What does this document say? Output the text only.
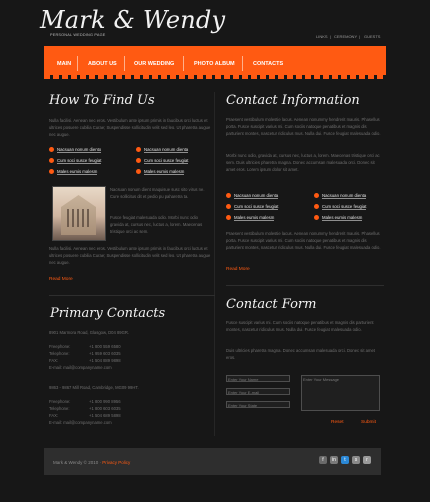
Mark & Wendy
PERSONAL WEDDING PAGE	LINKS | CEREMONY | GUESTS
MAIN	ABOUT US	OUR WEDDING	PHOTO ALBUM	CONTACTS
How To Find Us
Nulla facilisi. Aenean nec eros. Vestibulum ante ipsum primis in faucibus orci luctus et ultrices posuere cubilia Curae; Suspendisse sollicitudin velit sed leo. Ut pharetra augue nec augue.
Nacsuan nonum diento	Nacsuan nonum dienta
Cum soci susce feugiat	Cum soci susce feugiat
Males eumis malesm	Males eumis malesm
Nacsuan nonum dient maquisue susc sito virus ne. Cure sollicitus dit et pedio pu paharetra ta.
Fusce feugiat malesuada odio. Morbi nunc odio gravida at, cursus nec, luctus a, lorem. Maecenas tristique orci ac sem.
Nulla facilisi. Aenean nec eros. Vestibulum ante ipsum primis in faucibus orci luctus et ultrices posuere cubilia Curae; Suspendisse sollicitudin velit sed leo. Ut pharetra augue nec augue.
Read More
Primary Contacts
8901 Marmora Road, Glasgow, D04 89GR.
Freephone:	+1 800 559 6580
Telephone:	+1 959 603 6035
FAX:	+1 504 889 9898
E-mail: mail@companyname.com
9863 - 9867 Mill Road, Cambridge, MG09 99HT.
Freephone:	+1 800 990 8956
Telephone:	+1 800 603 6035
FAX:	+1 504 689 5898
E-mail: mail@companyname.com
Contact Information
Praesent vestibulum molestie lacus. Aenean nonummy hendrerit mauris. Phasellus porta. Fusce suscipit varius mi. Cum sociis natoque penatibus et magnis dis parturient montes, nascetur ridiculus mus. Nulla dui. Fusce feugiat malesuada odio.
Morbi nunc odio, gravida at, cursus nec, luctus a, lorem. Maecenas tristique orci ac sem. Duis ultricies pharetra magna. Donec accumsan malesuada orci. Donec sit amet eros. Lorem ipsum dolor sit amet.
Nacsuan nonum dienta	Nacsuan nonum dienta
Cum soci susce feugiat	Cum soci susce feugiat
Males eumis malesm	Males eumis malesm
Praesent vestibulum molestie lacus. Aenean nonummy hendrerit mauris. Phasellus porta. Fusce suscipit varius mi. Cum sociis natoque penatibus et magnis dis parturient montes, nascetur ridiculus mus. Nulla dui. Fusce feugiat malesuada odio.
Read More
Contact Form
Fusce suscipit varius mi. Cum sociis natoque penatibus et magnis dis parturient montes, nascetur ridiculus mus. Nulla dui. Fusce feugiat malesuada odio.
Duis ultricies pharetra magna. Donec accumsan malesuada orci. Donec sit amet eros.
Enter Your Name
Enter Your E-mail
Enter Your State
Enter Your Message
Reset	Submit
Mark & Wendy © 2010 · Privacy Policy	f	in	t	s	r
